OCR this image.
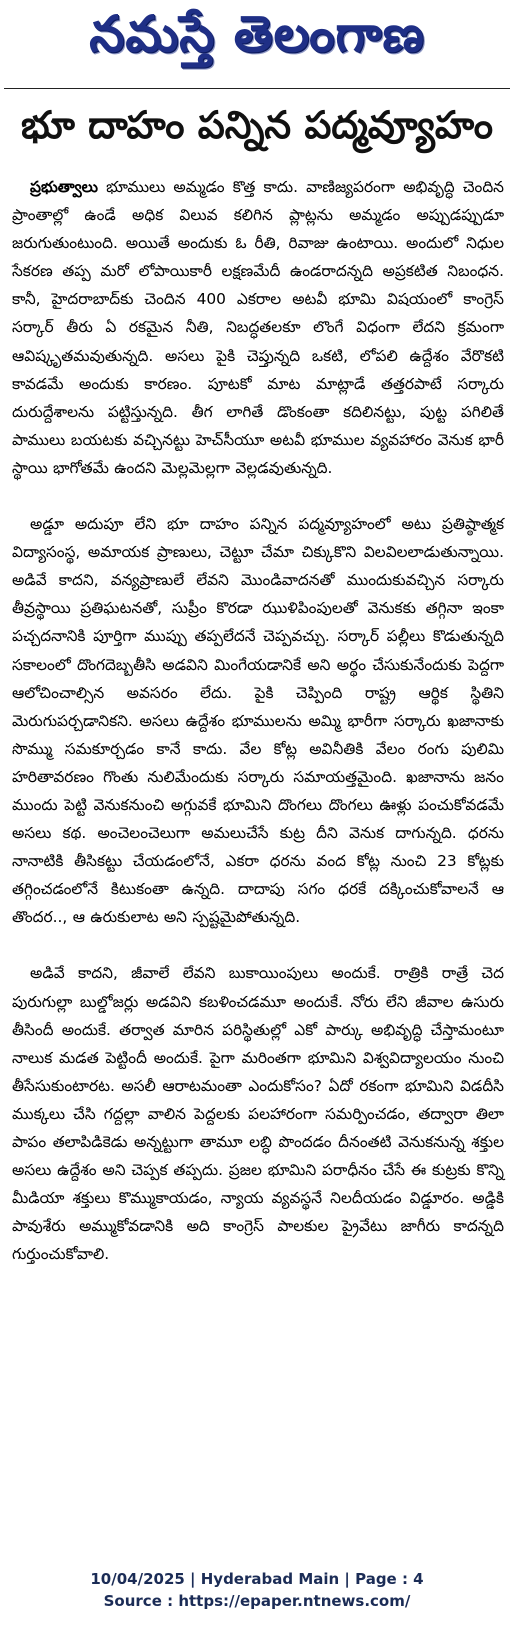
నమస్తే తెలంగాణ
భూ దాహం పన్నిన పద్మవ్యూహం

ప్రభుత్వాలు భూములు అమ్మడం కొత్త కాదు. వాణిజ్యపరంగా అభివృద్ధి చెందిన ప్రాంతాల్లో ఉండే అధిక విలువ కలిగిన ప్లాట్లను అమ్మడం అప్పుడప్పుడూ జరుగుతుంటుంది. అయితే అందుకు ఓ రీతి, రివాజు ఉంటాయి. అందులో నిధుల సేకరణ తప్ప మరో లోపాయికారీ లక్షణమేదీ ఉండరాదన్నది అప్రకటిత నిబంధన. కానీ, హైదరాబాద్‌కు చెందిన 400 ఎకరాల అటవీ భూమి విషయంలో కాంగ్రెస్ సర్కార్ తీరు ఏ రకమైన నీతి, నిబద్ధతలకూ లొంగే విధంగా లేదని క్రమంగా ఆవిష్కృతమవుతున్నది. అసలు పైకి చెప్తున్నది ఒకటి, లోపలి ఉద్దేశం వేరొకటి కావడమే అందుకు కారణం. పూటకో మాట మాట్లాడే తత్తరపాటే సర్కారు దురుద్దేశాలను పట్టిస్తున్నది. తీగ లాగితే డొంకంతా కదిలినట్టు, పుట్ట పగిలితే పాములు బయటకు వచ్చినట్టు హెచ్‌సీయూ అటవీ భూముల వ్యవహారం వెనుక భారీ స్థాయి భాగోతమే ఉందని మెల్లమెల్లగా వెల్లడవుతున్నది.

అడ్డూ అదుపూ లేని భూ దాహం పన్నిన పద్మవ్యూహంలో అటు ప్రతిష్ఠాత్మక విద్యాసంస్థ, అమాయక ప్రాణులు, చెట్టూ చేమా చిక్కుకొని విలవిలలాడుతున్నాయి. అడివే కాదని, వన్యప్రాణులే లేవని మొండివాదనతో ముందుకువచ్చిన సర్కారు తీవ్రస్థాయి ప్రతిఘటనతో, సుప్రీం కొరడా ఝుళిపింపులతో వెనుకకు తగ్గినా ఇంకా పచ్చదనానికి పూర్తిగా ముప్పు తప్పలేదనే చెప్పవచ్చు. సర్కార్ పల్లీలు కొడుతున్నది సకాలంలో దొంగదెబ్బతీసి అడవిని మింగేయడానికే అని అర్థం చేసుకునేందుకు పెద్దగా ఆలోచించాల్సిన అవసరం లేదు. పైకి చెప్పింది రాష్ట్ర ఆర్థిక స్థితిని మెరుగుపర్చడానికని. అసలు ఉద్దేశం భూములను అమ్మి భారీగా సర్కారు ఖజానాకు సొమ్ము సమకూర్చడం కానే కాదు. వేల కోట్ల అవినీతికి వేలం రంగు పులిమి హరితావరణం గొంతు నులిమేందుకు సర్కారు సమాయత్తమైంది. ఖజానాను జనం ముందు పెట్టి వెనుకనుంచి అగ్గువకే భూమిని దొంగలు దొంగలు ఊళ్లు పంచుకోవడమే అసలు కథ. అంచెలంచెలుగా అమలుచేసే కుట్ర దీని వెనుక దాగున్నది. ధరను నానాటికి తీసికట్టు చేయడంలోనే, ఎకరా ధరను వంద కోట్ల నుంచి 23 కోట్లకు తగ్గించడంలోనే కిటుకంతా ఉన్నది. దాదాపు సగం ధరకే దక్కించుకోవాలనే ఆ తొందర.., ఆ ఉరుకులాట అని స్పష్టమైపోతున్నది.

అడివే కాదని, జీవాలే లేవని బుకాయింపులు అందుకే. రాత్రికి రాత్రే చెద పురుగుల్లా బుల్డోజర్లు అడవిని కబళించడమూ అందుకే. నోరు లేని జీవాల ఉసురు తీసిందీ అందుకే. తర్వాత మారిన పరిస్థితుల్లో ఎకో పార్కు అభివృద్ధి చేస్తామంటూ నాలుక మడత పెట్టిందీ అందుకే. పైగా మరింతగా భూమిని విశ్వవిద్యాలయం నుంచి తీసేసుకుంటారట. అసలీ ఆరాటమంతా ఎందుకోసం? ఏదో రకంగా భూమిని విడదీసి ముక్కలు చేసి గద్దల్లా వాలిన పెద్దలకు పలహారంగా సమర్పించడం, తద్వారా తిలా పాపం తలాపిడికెడు అన్నట్టుగా తామూ లబ్ధి పొందడం దీనంతటి వెనుకనున్న శక్తుల అసలు ఉద్దేశం అని చెప్పక తప్పదు. ప్రజల భూమిని పరాధీనం చేసే ఈ కుట్రకు కొన్ని మీడియా శక్తులు కొమ్ముకాయడం, న్యాయ వ్యవస్థనే నిలదీయడం విడ్డూరం. అడ్డికి పావుశేరు అమ్ముకోవడానికి అది కాంగ్రెస్ పాలకుల ప్రైవేటు జాగీరు కాదన్నది గుర్తుంచుకోవాలి.

10/04/2025 | Hyderabad Main | Page : 4
Source : https://epaper.ntnews.com/
